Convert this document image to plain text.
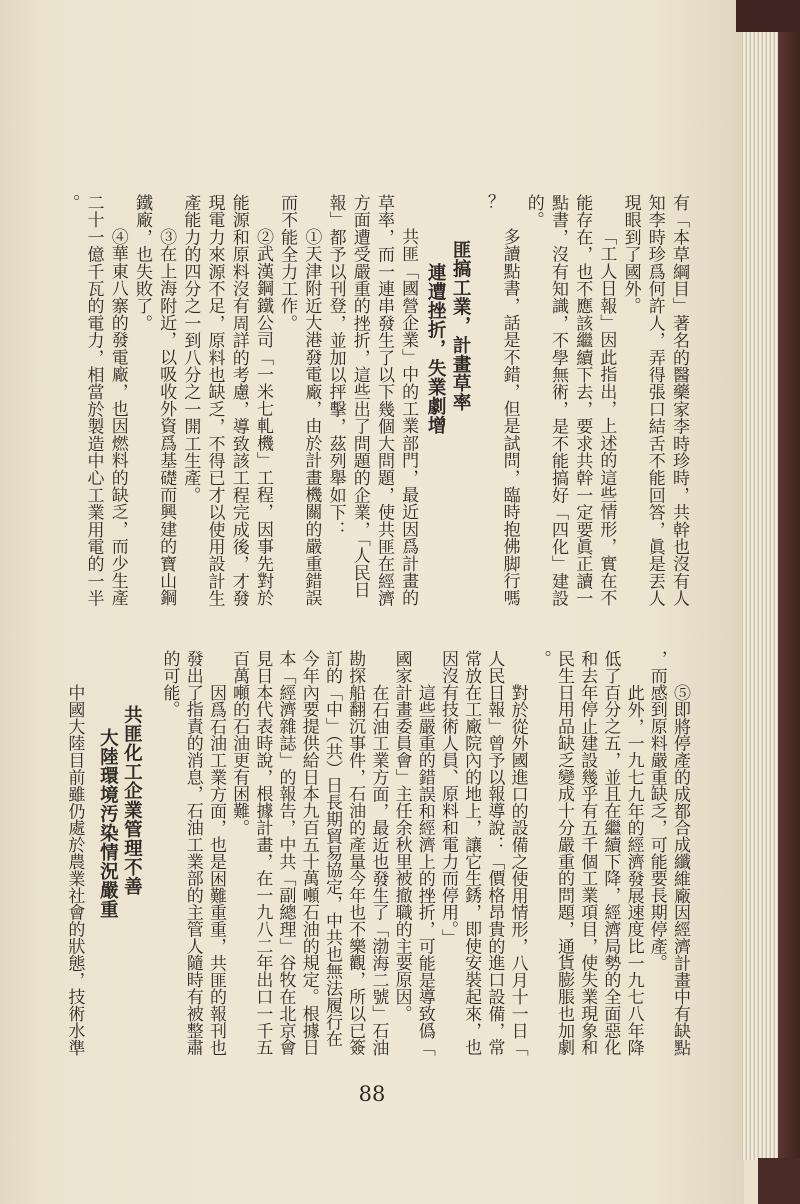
有「本草綱目」著名的醫藥家李時珍時，共幹也沒有人
知李時珍爲何許人，弄得張口結舌不能回答，眞是丟人
現眼到了國外。
「工人日報」因此指出，上述的這些情形，實在不
能存在，也不應該繼續下去，要求共幹一定要眞正讀一
點書，沒有知識，不學無術，是不能搞好「四化」建設
的。
多讀點書，話是不錯，但是試問，臨時抱佛脚行嗎
？
匪搞工業，計畫草率
連遭挫折，失業劇增
共匪「國營企業」中的工業部門，最近因爲計畫的
草率，而一連串發生了以下幾個大問題，使共匪在經濟
方面遭受嚴重的挫折，這些出了問題的企業，「人民日
報」都予以刊登，並加以抨擊，茲列舉如下：
①天津附近大港發電廠，由於計畫機關的嚴重錯誤
而不能全力工作。
②武漢鋼鐵公司「一米七軋機」工程，因事先對於
能源和原料沒有周詳的考慮，導致該工程完成後，才發
現電力來源不足，原料也缺乏，不得已才以使用設計生
產能力的四分之一到八分之一開工生產。
③在上海附近，以吸收外資爲基礎而興建的寶山鋼
鐵廠，也失敗了。
④華東八寨的發電廠，也因燃料的缺乏，而少生產
二十一億千瓦的電力，相當於製造中心工業用電的一半
。
⑤即將停產的成都合成纖維廠因經濟計畫中有缺點
，而感到原料嚴重缺乏，可能要長期停產。
此外，一九七九年的經濟發展速度比一九七八年降
低了百分之五，並且在繼續下降，經濟局勢的全面惡化
和去年停止建設幾乎有五千個工業項目，使失業現象和
民生日用品缺乏變成十分嚴重的問題，通貨膨脹也加劇
。
對於從外國進口的設備之使用情形，八月十一日「
人民日報」曾予以報導說：「價格昂貴的進口設備，常
常放在工廠院內的地上，讓它生銹，即使安裝起來，也
因沒有技術人員、原料和電力而停用。」
這些嚴重的錯誤和經濟上的挫折，可能是導致僞「
國家計畫委員會」主任余秋里被撤職的主要原因。
在石油工業方面，最近也發生了「渤海二號」石油
勘探船翻沉事件，石油的產量今年也不樂觀，所以已簽
訂的「中」（共）日長期貿易協定，中共也無法履行在
今年內要提供給日本九百五十萬噸石油的規定。根據日
本「經濟雜誌」的報告，中共「副總理」谷牧在北京會
見日本代表時說，根據計畫，在一九八二年出口一千五
百萬噸的石油更有困難。
因爲石油工業方面，也是困難重重，共匪的報刊也
發出了指責的消息，石油工業部的主管人隨時有被整肅
的可能。
共匪化工企業管理不善
大陸環境汚染情況嚴重
中國大陸目前雖仍處於農業社會的狀態，技術水準
88
